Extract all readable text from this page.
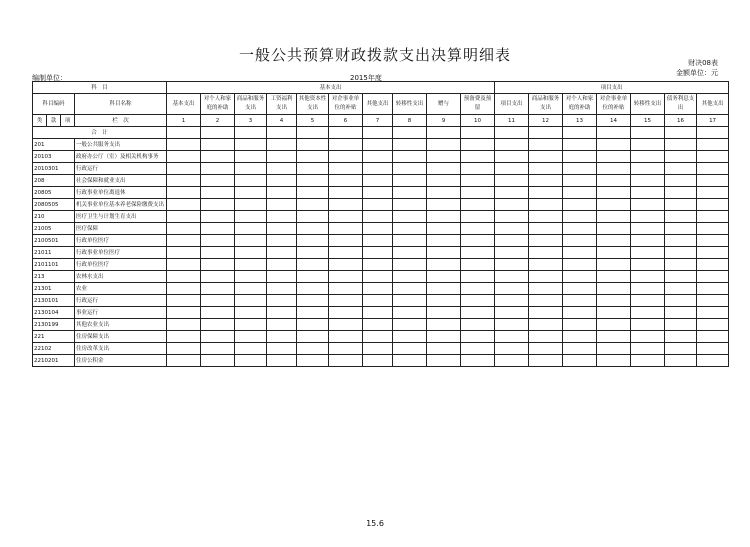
一般公共预算财政拨款支出决算明细表	财决08表
金额单位：元
编制单位：	2015年度
科　目				基本支出										项目支出						
科目编码			科目名称	基本支出	对个人和家庭的补助	商品和服务支出	工资福利支出	其他资本性支出	对企事业单位的补贴	其他支出	转移性支出	赠与	预备费及预留	项目支出	商品和服务支出	对个人和家庭的补助	对企事业单位的补贴	转移性支出	债务利息支出	其他支出
类	款	项	栏　次	1	2	3	4	5	6	7	8	9	10	11	12	13	14	15	16	17
合　计																				
201			一般公共服务支出																	
20103			政府办公厅（室）及相关机构事务																	
2010301			行政运行																	
208			社会保障和就业支出																	
20805			行政事业单位离退休																	
2080505			机关事业单位基本养老保险缴费支出																	
210			医疗卫生与计划生育支出																	
21005			医疗保障																	
2100501			行政单位医疗																	
21011			行政事业单位医疗																	
2101101			行政单位医疗																	
213			农林水支出																	
21301			农业																	
2130101			行政运行																	
2130104			事业运行																	
2130199			其他农业支出																	
221			住房保障支出																	
22102			住房改革支出																	
2210201			住房公积金																	
15.6
